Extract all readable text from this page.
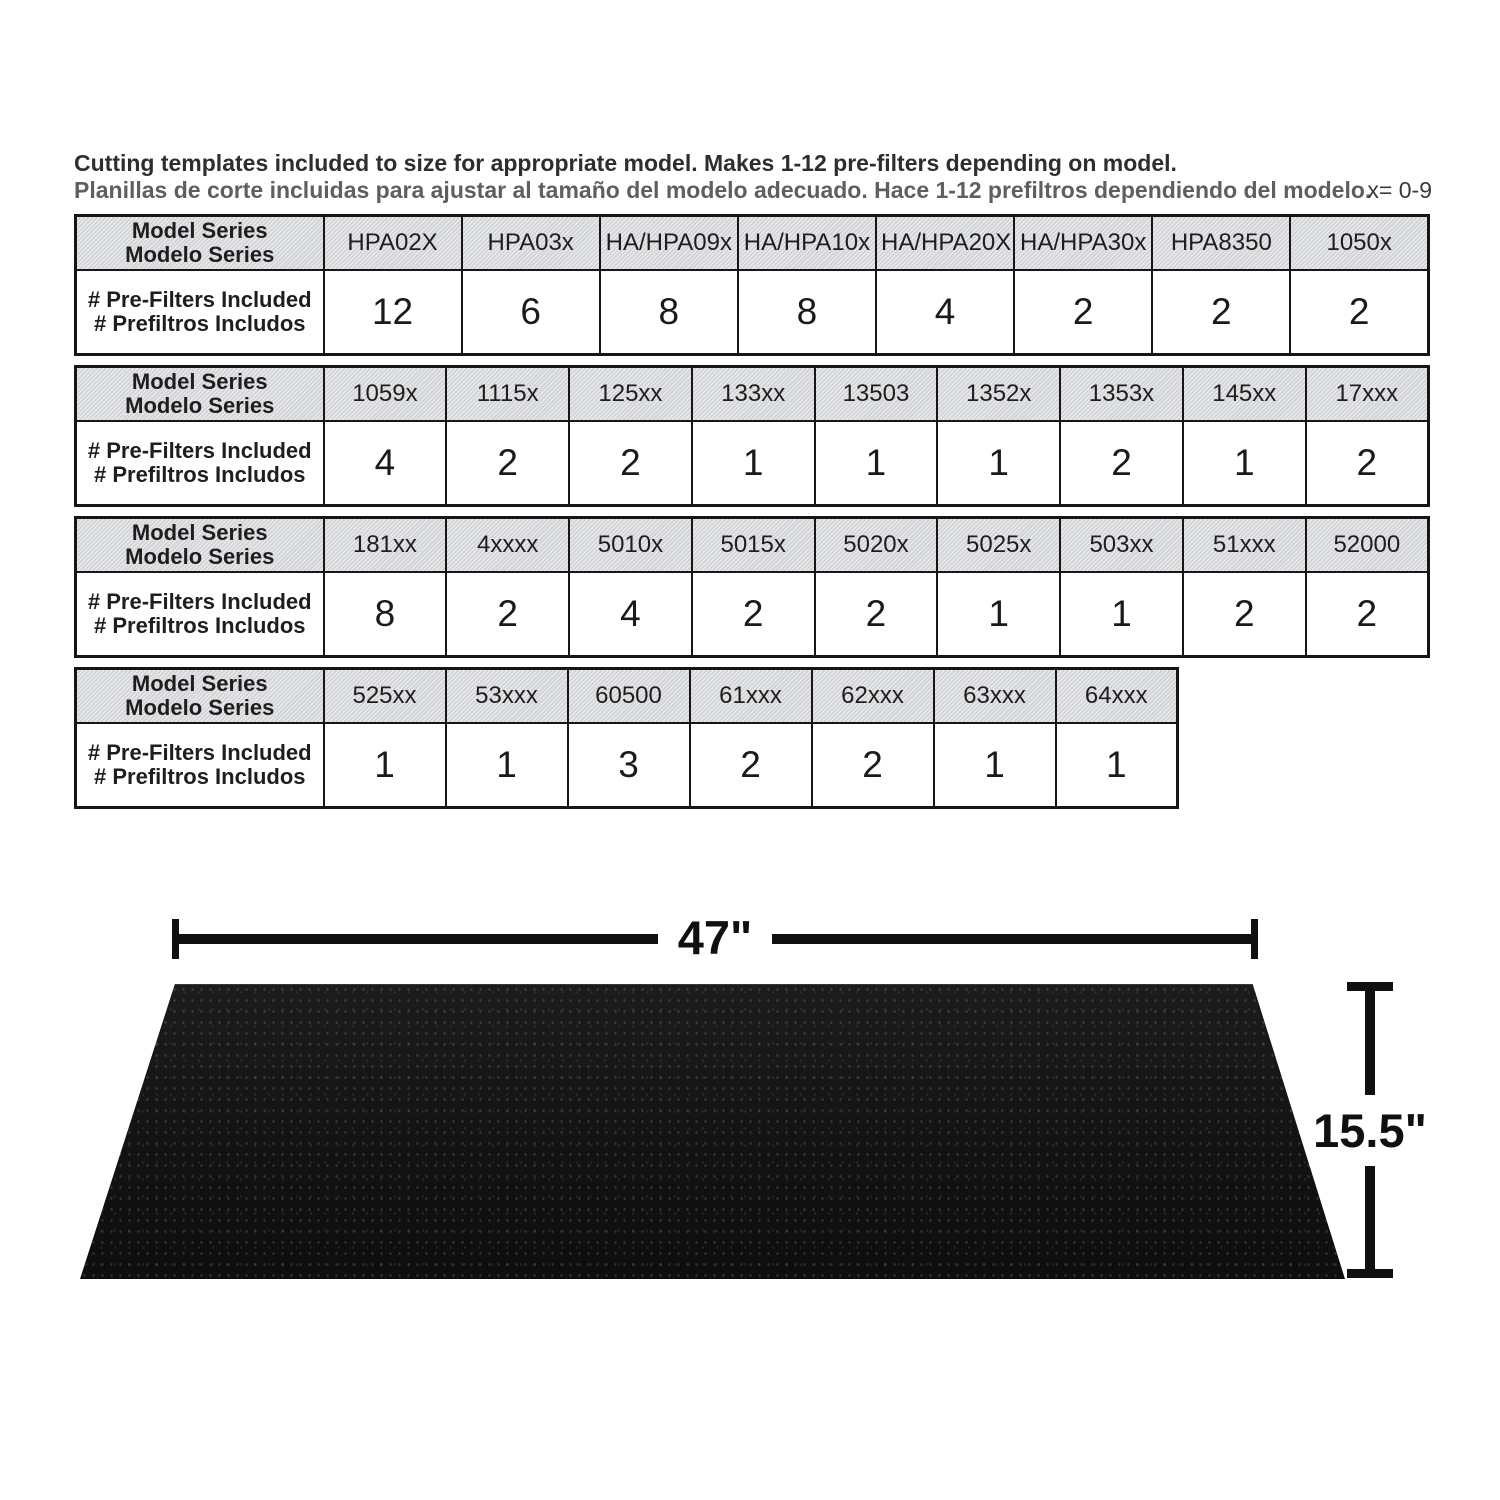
Cutting templates included to size for appropriate model. Makes 1-12 pre-filters depending on model.
Planillas de corte incluidas para ajustar al tamaño del modelo adecuado. Hace 1-12 prefiltros dependiendo del modelo.
x= 0-9
Model Series
Modelo Series	HPA02X	HPA03x	HA/HPA09x	HA/HPA10x	HA/HPA20X	HA/HPA30x	HPA8350	1050x

# Pre-Filters Included
# Prefiltros Includos	12	6	8	8	4	2	2	2
Model Series
Modelo Series	1059x	1115x	125xx	133xx	13503	1352x	1353x	145xx	17xxx

# Pre-Filters Included
# Prefiltros Includos	4	2	2	1	1	1	2	1	2
Model Series
Modelo Series	181xx	4xxxx	5010x	5015x	5020x	5025x	503xx	51xxx	52000

# Pre-Filters Included
# Prefiltros Includos	8	2	4	2	2	1	1	2	2
Model Series
Modelo Series	525xx	53xxx	60500	61xxx	62xxx	63xxx	64xxx

# Pre-Filters Included
# Prefiltros Includos	1	1	3	2	2	1	1
47"
15.5"
